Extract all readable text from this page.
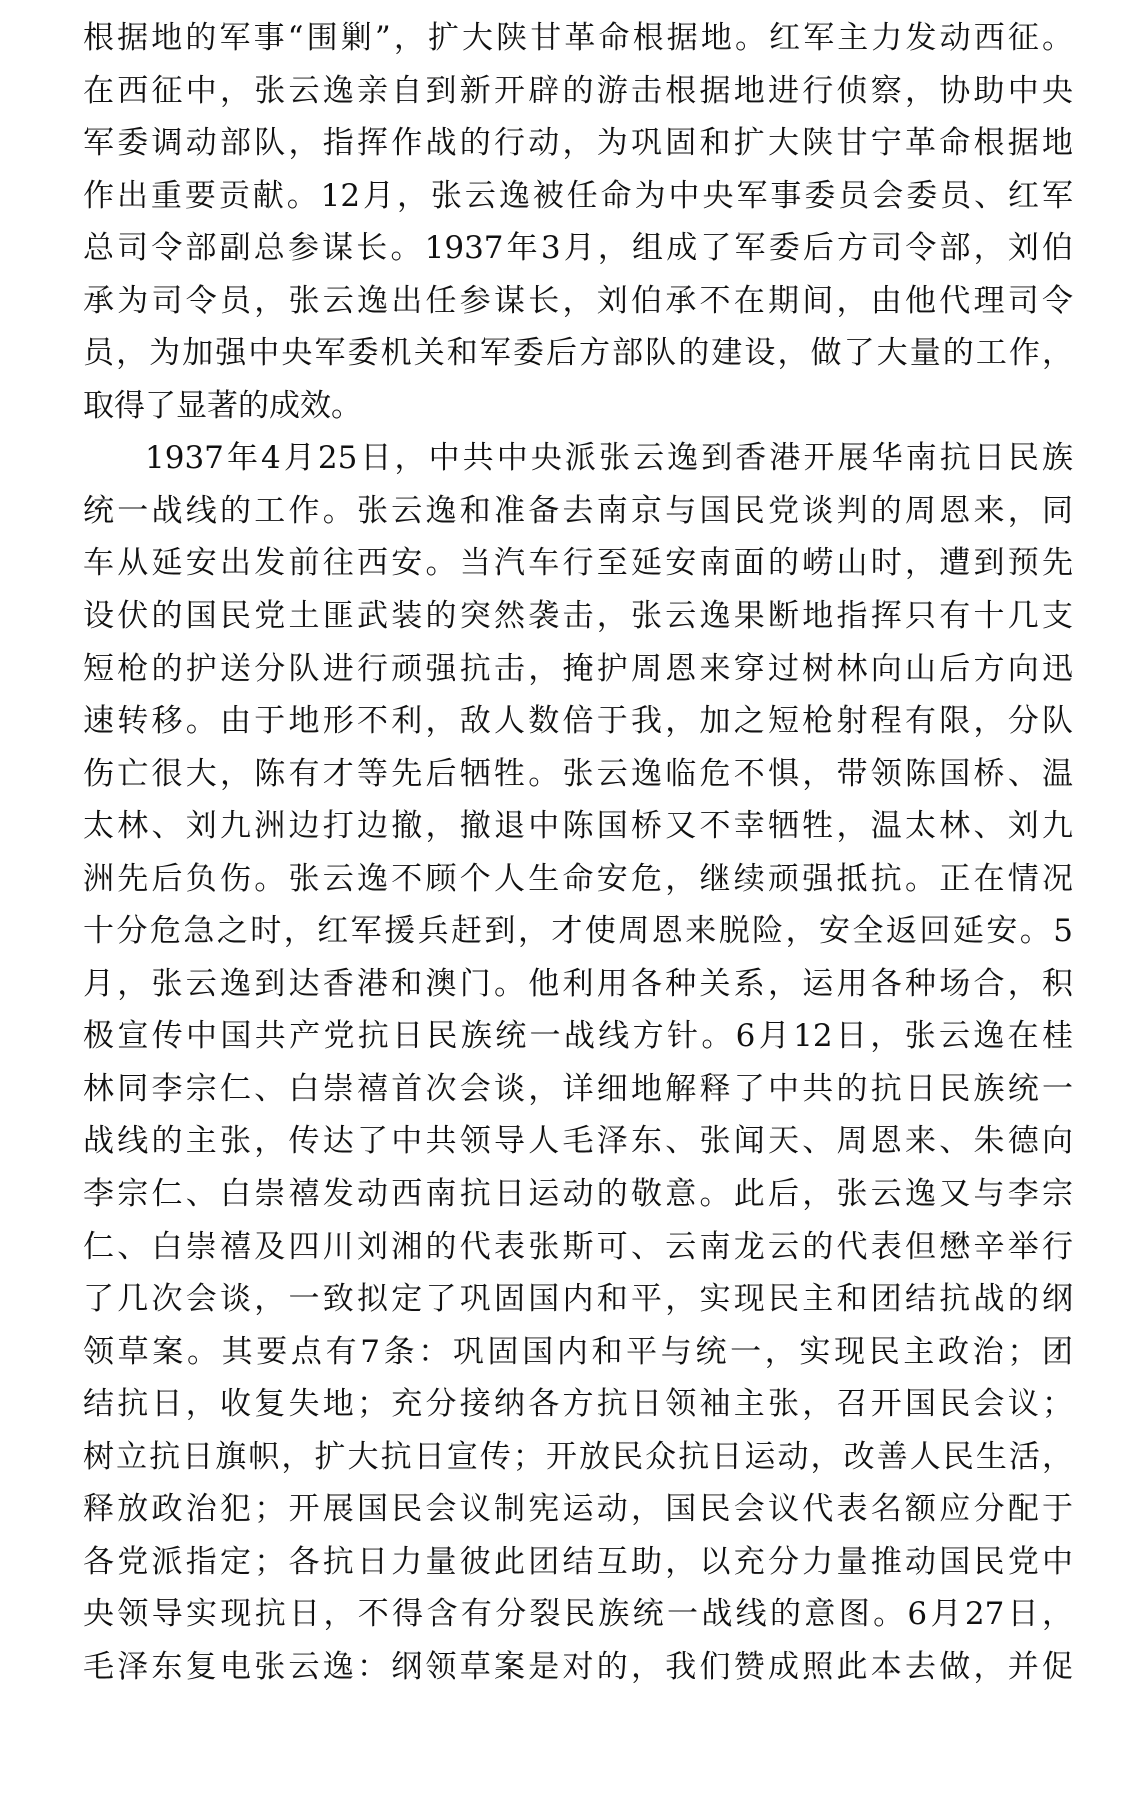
根据地的军事“围剿”，扩大陕甘革命根据地。红军主力发动西征。
在西征中，张云逸亲自到新开辟的游击根据地进行侦察，协助中央
军委调动部队，指挥作战的行动，为巩固和扩大陕甘宁革命根据地
作出重要贡献。12月，张云逸被任命为中央军事委员会委员、红军
总司令部副总参谋长。1937年3月，组成了军委后方司令部，刘伯
承为司令员，张云逸出任参谋长，刘伯承不在期间，由他代理司令
员，为加强中央军委机关和军委后方部队的建设，做了大量的工作，
取得了显著的成效。
1937年4月25日，中共中央派张云逸到香港开展华南抗日民族
统一战线的工作。张云逸和准备去南京与国民党谈判的周恩来，同
车从延安出发前往西安。当汽车行至延安南面的崂山时，遭到预先
设伏的国民党土匪武装的突然袭击，张云逸果断地指挥只有十几支
短枪的护送分队进行顽强抗击，掩护周恩来穿过树林向山后方向迅
速转移。由于地形不利，敌人数倍于我，加之短枪射程有限，分队
伤亡很大，陈有才等先后牺牲。张云逸临危不惧，带领陈国桥、温
太林、刘九洲边打边撤，撤退中陈国桥又不幸牺牲，温太林、刘九
洲先后负伤。张云逸不顾个人生命安危，继续顽强抵抗。正在情况
十分危急之时，红军援兵赶到，才使周恩来脱险，安全返回延安。5
月，张云逸到达香港和澳门。他利用各种关系，运用各种场合，积
极宣传中国共产党抗日民族统一战线方针。6月12日，张云逸在桂
林同李宗仁、白崇禧首次会谈，详细地解释了中共的抗日民族统一
战线的主张，传达了中共领导人毛泽东、张闻天、周恩来、朱德向
李宗仁、白崇禧发动西南抗日运动的敬意。此后，张云逸又与李宗
仁、白崇禧及四川刘湘的代表张斯可、云南龙云的代表但懋辛举行
了几次会谈，一致拟定了巩固国内和平，实现民主和团结抗战的纲
领草案。其要点有7条：巩固国内和平与统一，实现民主政治；团
结抗日，收复失地；充分接纳各方抗日领袖主张，召开国民会议；
树立抗日旗帜，扩大抗日宣传；开放民众抗日运动，改善人民生活，
释放政治犯；开展国民会议制宪运动，国民会议代表名额应分配于
各党派指定；各抗日力量彼此团结互助，以充分力量推动国民党中
央领导实现抗日，不得含有分裂民族统一战线的意图。6月27日，
毛泽东复电张云逸：纲领草案是对的，我们赞成照此本去做，并促
